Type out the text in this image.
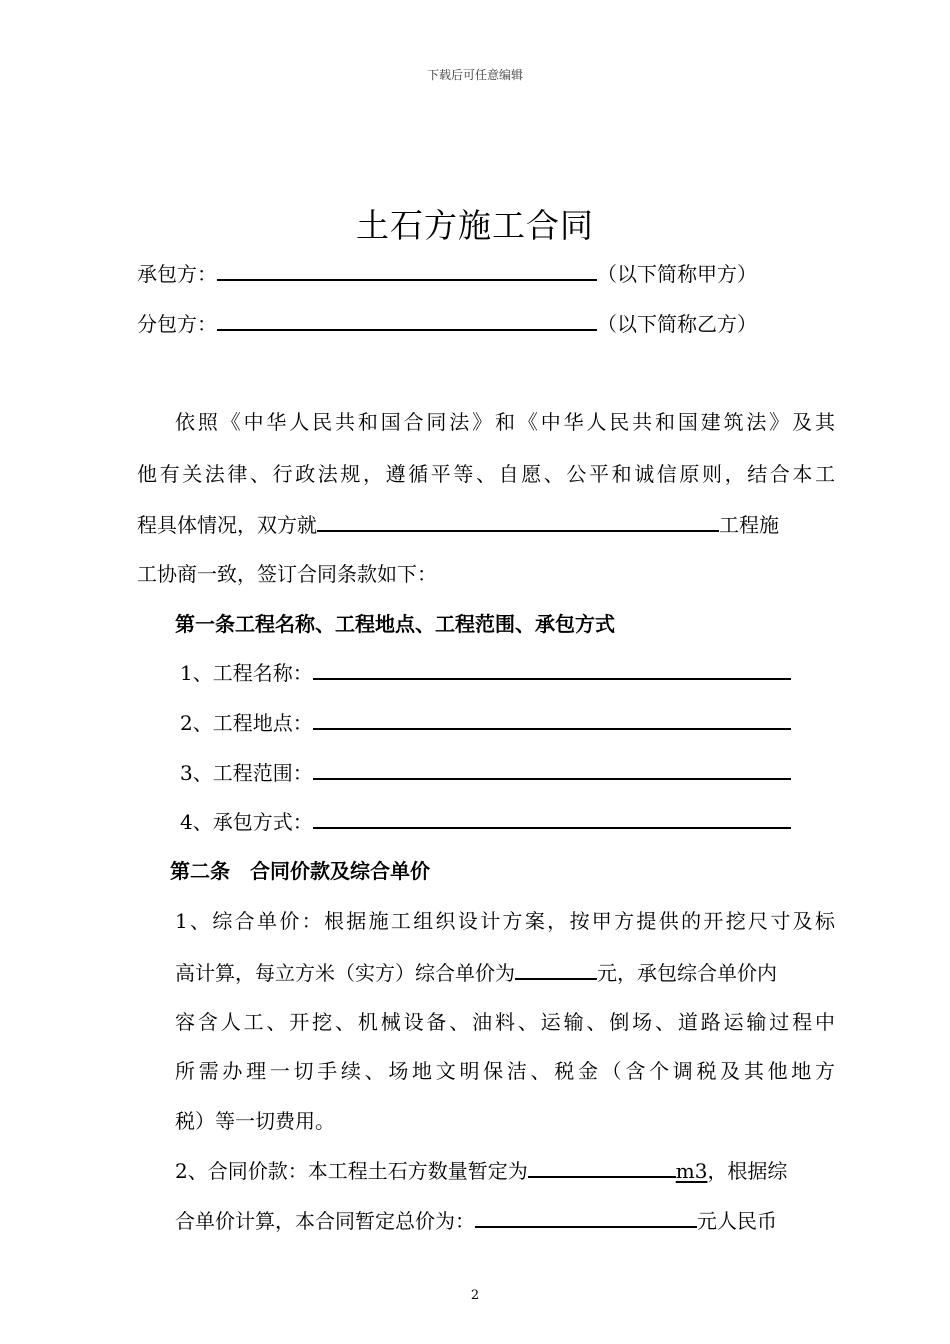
下载后可任意编辑
土石方施工合同
承包方：	（以下简称甲方）
分包方：	（以下简称乙方）
依照《中华人民共和国合同法》和《中华人民共和国建筑法》及其
他有关法律、行政法规，遵循平等、自愿、公平和诚信原则，结合本工
程具体情况，双方就	工程施
工协商一致，签订合同条款如下：
第一条工程名称、工程地点、工程范围、承包方式
1、工程名称：
2、工程地点：
3、工程范围：
4、承包方式：
第二条　合同价款及综合单价
1、综合单价：根据施工组织设计方案，按甲方提供的开挖尺寸及标
高计算，每立方米（实方）综合单价为	元，承包综合单价内
容含人工、开挖、机械设备、油料、运输、倒场、道路运输过程中
所需办理一切手续、场地文明保洁、税金（含个调税及其他地方
税）等一切费用。
2、合同价款：本工程土石方数量暂定为	m3，根据综
合单价计算，本合同暂定总价为：	元人民币
2
